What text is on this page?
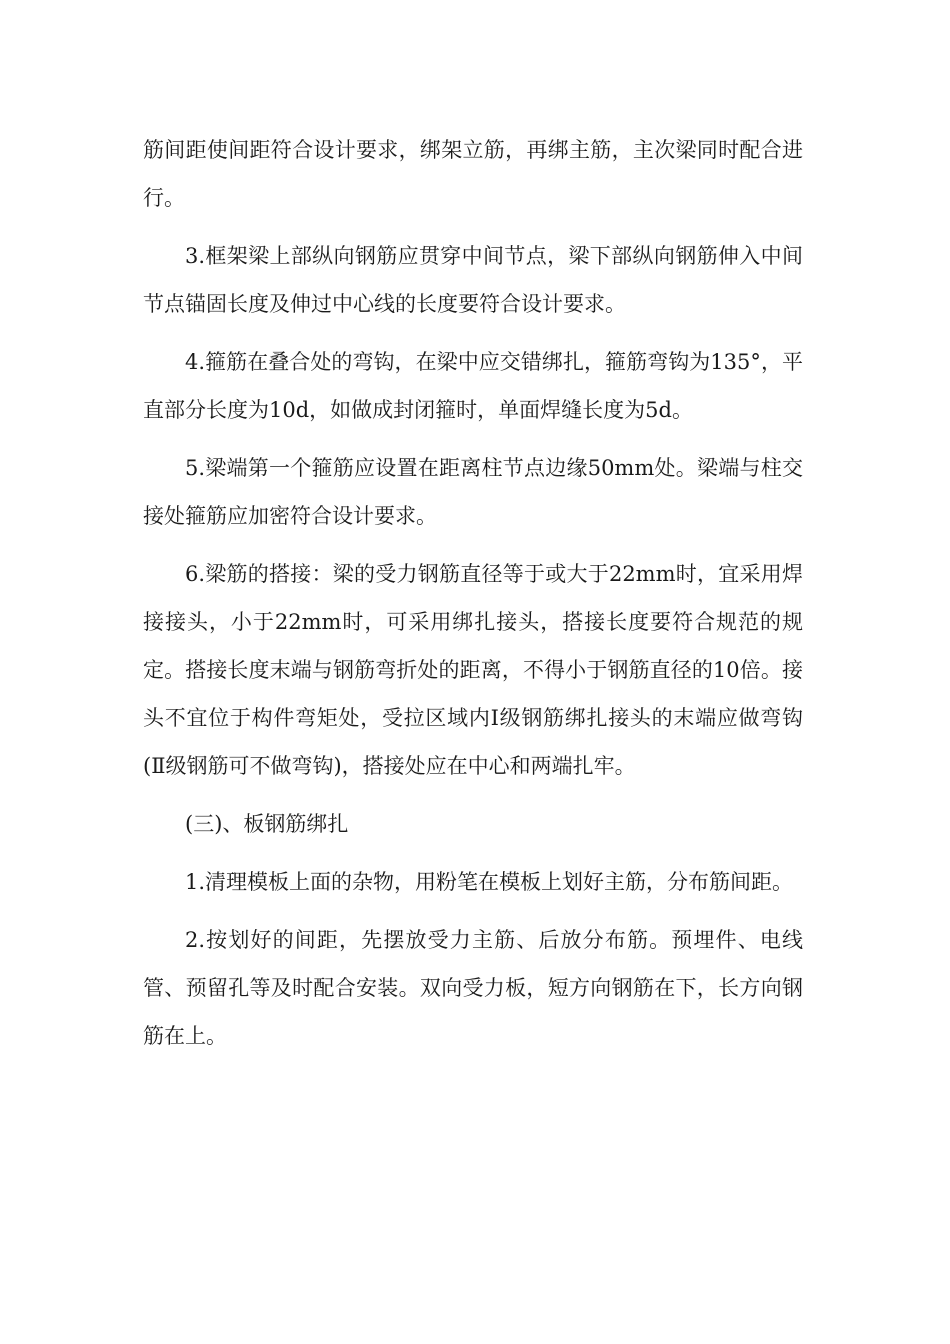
筋间距使间距符合设计要求，绑架立筋，再绑主筋，主次梁同时配合进行。

3.框架梁上部纵向钢筋应贯穿中间节点，梁下部纵向钢筋伸入中间节点锚固长度及伸过中心线的长度要符合设计要求。

4.箍筋在叠合处的弯钩，在梁中应交错绑扎，箍筋弯钩为135°，平直部分长度为10d，如做成封闭箍时，单面焊缝长度为5d。

5.梁端第一个箍筋应设置在距离柱节点边缘50mm处。梁端与柱交接处箍筋应加密符合设计要求。

6.梁筋的搭接：梁的受力钢筋直径等于或大于22mm时，宜采用焊接接头，小于22mm时，可采用绑扎接头，搭接长度要符合规范的规定。搭接长度末端与钢筋弯折处的距离，不得小于钢筋直径的10倍。接头不宜位于构件弯矩处，受拉区域内Ⅰ级钢筋绑扎接头的末端应做弯钩(Ⅱ级钢筋可不做弯钩)，搭接处应在中心和两端扎牢。

(三)、板钢筋绑扎

1.清理模板上面的杂物，用粉笔在模板上划好主筋，分布筋间距。

2.按划好的间距，先摆放受力主筋、后放分布筋。预埋件、电线管、预留孔等及时配合安装。双向受力板，短方向钢筋在下，长方向钢筋在上。
